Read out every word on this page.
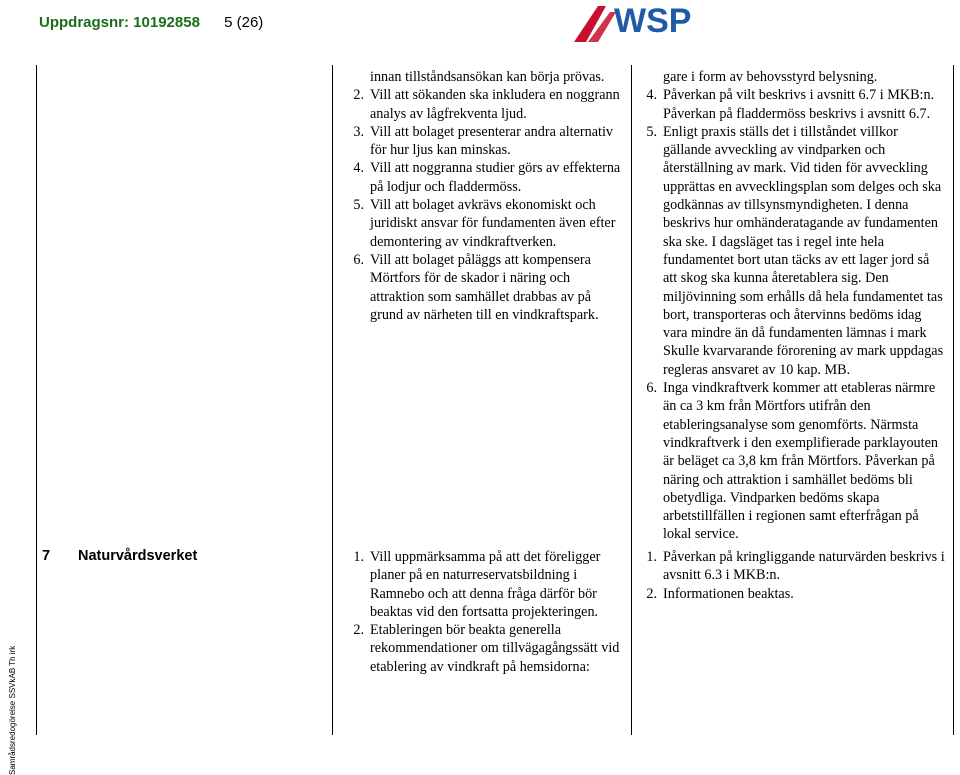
Uppdragsnr: 10192858 5 (26)	WSP
Samrådsredogörelse SSVkAB Th irk

innan tillståndsansökan kan börja prövas.

2. Vill att sökanden ska inkludera en noggrann analys av lågfrekventa ljud.

3. Vill att bolaget presenterar andra alternativ för hur ljus kan minskas.

4. Vill att noggranna studier görs av effekterna på lodjur och fladdermöss.

5. Vill att bolaget avkrävs ekonomiskt och juridiskt ansvar för fundamenten även efter demontering av vindkraftverken.

6. Vill att bolaget påläggs att kompensera Mörtfors för de skador i näring och attraktion som samhället drabbas av på grund av närheten till en vindkraftspark.

gare i form av behovsstyrd belysning.

4. Påverkan på vilt beskrivs i avsnitt 6.7 i MKB:n. Påverkan på fladdermöss beskrivs i avsnitt 6.7.

5. Enligt praxis ställs det i tillståndet villkor gällande avveckling av vindparken och återställning av mark. Vid tiden för avveckling upprättas en avvecklingsplan som delges och ska godkännas av tillsynsmyndigheten. I denna beskrivs hur omhänderatagande av fundamenten ska ske. I dagsläget tas i regel inte hela fundamentet bort utan täcks av ett lager jord så att skog ska kunna återetablera sig. Den miljövinning som erhålls då hela fundamentet tas bort, transporteras och återvinns bedöms idag vara mindre än då fundamenten lämnas i mark Skulle kvarvarande förorening av mark uppdagas regleras ansvaret av 10 kap. MB.

6. Inga vindkraftverk kommer att etableras närmre än ca 3 km från Mörtfors utifrån den etableringsanalyse som genomförts. Närmsta vindkraftverk i den exemplifierade parklayouten är beläget ca 3,8 km från Mörtfors. Påverkan på näring och attraktion i samhället bedöms bli obetydliga. Vindparken bedöms skapa arbetstillfällen i regionen samt efterfrågan på lokal service.

7 Naturvårdsverket	1. Vill uppmärksamma på att det föreligger planer på en naturreservatsbildning i Ramnebo och att denna fråga därför bör beaktas vid den fortsatta projekteringen.

2. Etableringen bör beakta generella rekommendationer om tillvägagångssätt vid etablering av vindkraft på hemsidorna:

1. Påverkan på kringliggande naturvärden beskrivs i avsnitt 6.3 i MKB:n.

2. Informationen beaktas.
